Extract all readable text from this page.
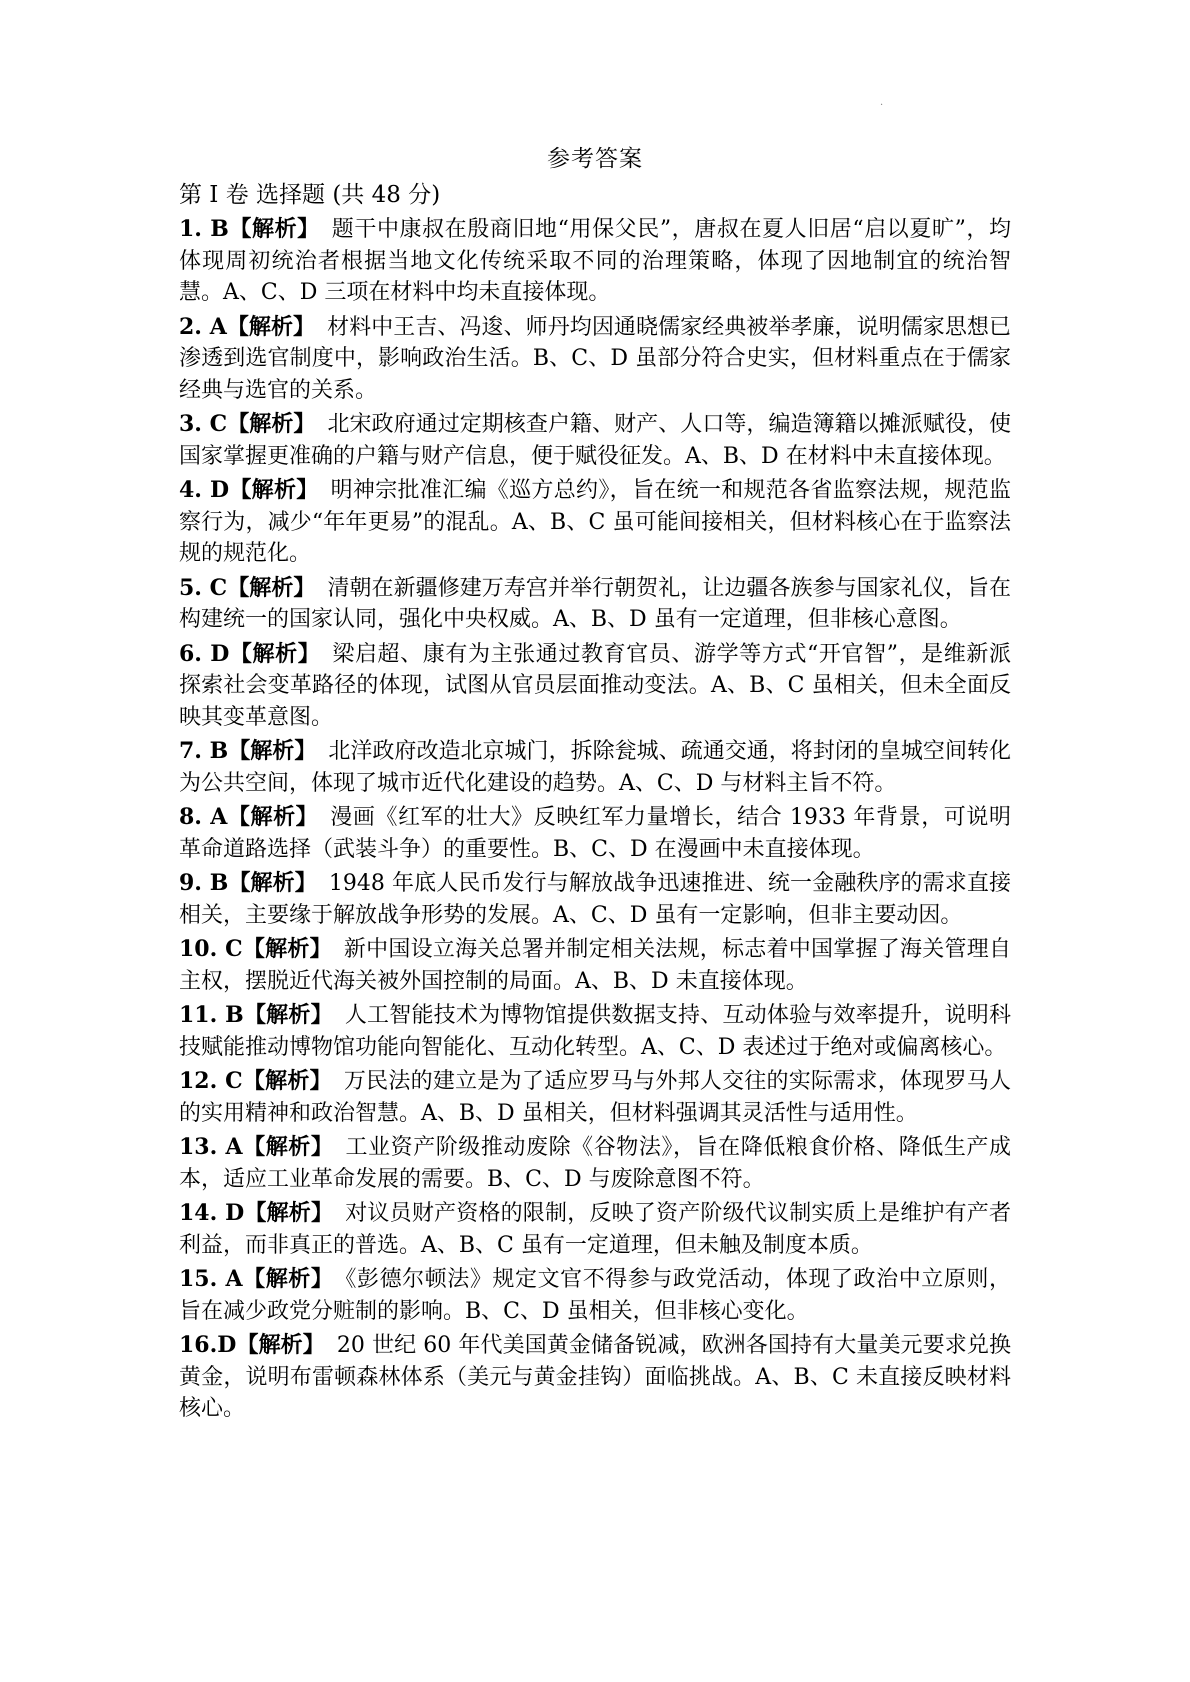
·
参考答案
第 I 卷 选择题 (共 48 分)
1. B【解析】 题干中康叔在殷商旧地“用保父民”，唐叔在夏人旧居“启以夏旷”，均体现周初统治者根据当地文化传统采取不同的治理策略，体现了因地制宜的统治智慧。A、C、D 三项在材料中均未直接体现。
2. A【解析】 材料中王吉、冯逡、师丹均因通晓儒家经典被举孝廉，说明儒家思想已渗透到选官制度中，影响政治生活。B、C、D 虽部分符合史实，但材料重点在于儒家经典与选官的关系。
3. C【解析】 北宋政府通过定期核查户籍、财产、人口等，编造簿籍以摊派赋役，使国家掌握更准确的户籍与财产信息，便于赋役征发。A、B、D 在材料中未直接体现。
4. D【解析】 明神宗批准汇编《巡方总约》，旨在统一和规范各省监察法规，规范监察行为，减少“年年更易”的混乱。A、B、C 虽可能间接相关，但材料核心在于监察法规的规范化。
5. C【解析】 清朝在新疆修建万寿宫并举行朝贺礼，让边疆各族参与国家礼仪，旨在构建统一的国家认同，强化中央权威。A、B、D 虽有一定道理，但非核心意图。
6. D【解析】 梁启超、康有为主张通过教育官员、游学等方式“开官智”，是维新派探索社会变革路径的体现，试图从官员层面推动变法。A、B、C 虽相关，但未全面反映其变革意图。
7. B【解析】 北洋政府改造北京城门，拆除瓮城、疏通交通，将封闭的皇城空间转化为公共空间，体现了城市近代化建设的趋势。A、C、D 与材料主旨不符。
8. A【解析】 漫画《红军的壮大》反映红军力量增长，结合 1933 年背景，可说明革命道路选择（武装斗争）的重要性。B、C、D 在漫画中未直接体现。
9. B【解析】 1948 年底人民币发行与解放战争迅速推进、统一金融秩序的需求直接相关，主要缘于解放战争形势的发展。A、C、D 虽有一定影响，但非主要动因。
10. C【解析】 新中国设立海关总署并制定相关法规，标志着中国掌握了海关管理自主权，摆脱近代海关被外国控制的局面。A、B、D 未直接体现。
11. B【解析】 人工智能技术为博物馆提供数据支持、互动体验与效率提升，说明科技赋能推动博物馆功能向智能化、互动化转型。A、C、D 表述过于绝对或偏离核心。
12. C【解析】 万民法的建立是为了适应罗马与外邦人交往的实际需求，体现罗马人的实用精神和政治智慧。A、B、D 虽相关，但材料强调其灵活性与适用性。
13. A【解析】 工业资产阶级推动废除《谷物法》，旨在降低粮食价格、降低生产成本，适应工业革命发展的需要。B、C、D 与废除意图不符。
14. D【解析】 对议员财产资格的限制，反映了资产阶级代议制实质上是维护有产者利益，而非真正的普选。A、B、C 虽有一定道理，但未触及制度本质。
15. A【解析】 《彭德尔顿法》规定文官不得参与政党活动，体现了政治中立原则，旨在减少政党分赃制的影响。B、C、D 虽相关，但非核心变化。
16.D【解析】 20 世纪 60 年代美国黄金储备锐减，欧洲各国持有大量美元要求兑换黄金，说明布雷顿森林体系（美元与黄金挂钩）面临挑战。A、B、C 未直接反映材料核心。
